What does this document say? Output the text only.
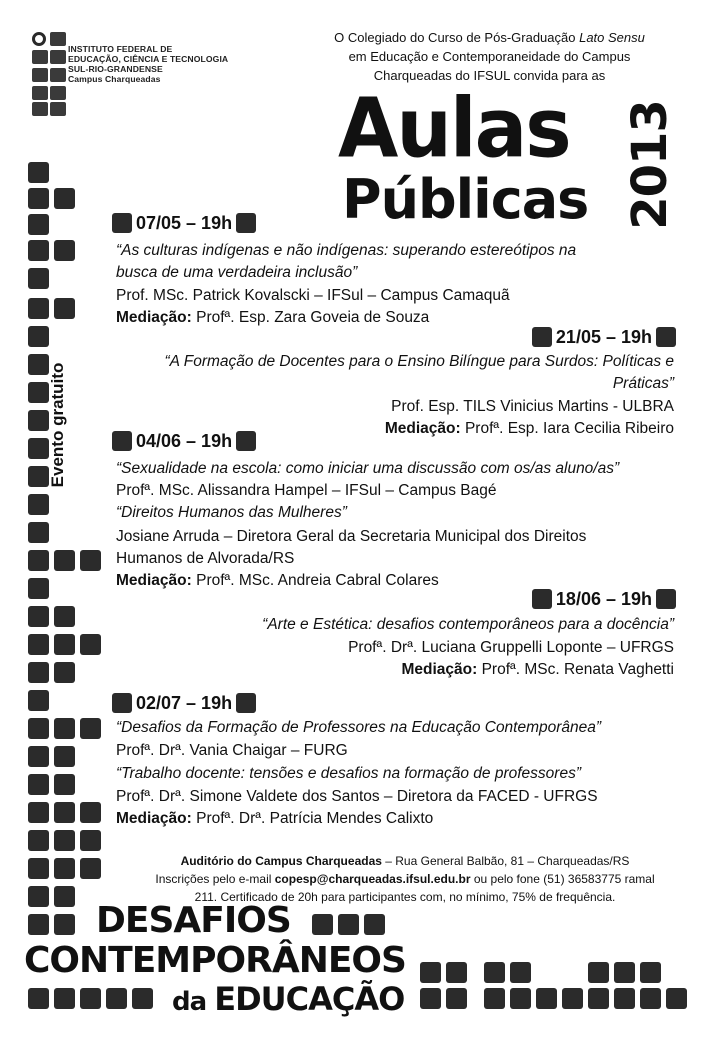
INSTITUTO FEDERAL DE
EDUCAÇÃO, CIÊNCIA E TECNOLOGIA
SUL-RIO-GRANDENSE
Campus Charqueadas
O Colegiado do Curso de Pós-Graduação Lato Sensu
em Educação e Contemporaneidade do Campus
Charqueadas do IFSUL convida para as
Aulas
Públicas 2013
Evento gratuito
07/05 – 19h
“As culturas indígenas e não indígenas: superando estereótipos na
busca de uma verdadeira inclusão”
Prof. MSc. Patrick Kovalscki – IFSul – Campus Camaquã
Mediação: Profª. Esp. Zara Goveia de Souza
21/05 – 19h
“A Formação de Docentes para o Ensino Bilíngue para Surdos: Políticas e
Práticas”
Prof. Esp. TILS Vinicius Martins - ULBRA
Mediação: Profª. Esp. Iara Cecilia Ribeiro
04/06 – 19h
“Sexualidade na escola: como iniciar uma discussão com os/as aluno/as”
Profª. MSc. Alissandra Hampel – IFSul – Campus Bagé
“Direitos Humanos das Mulheres”
Josiane Arruda – Diretora Geral da Secretaria Municipal dos Direitos
Humanos de Alvorada/RS
Mediação: Profª. MSc. Andreia Cabral Colares
18/06 – 19h
“Arte e Estética: desafios contemporâneos para a docência”
Profª. Drª. Luciana Gruppelli Loponte – UFRGS
Mediação: Profª. MSc. Renata Vaghetti
02/07 – 19h
“Desafios da Formação de Professores na Educação Contemporânea”
Profª. Drª. Vania Chaigar – FURG
“Trabalho docente: tensões e desafios na formação de professores”
Profª. Drª. Simone Valdete dos Santos – Diretora da FACED - UFRGS
Mediação: Profª. Drª. Patrícia Mendes Calixto
Auditório do Campus Charqueadas – Rua General Balbão, 81 – Charqueadas/RS
Inscrições pelo e-mail copesp@charqueadas.ifsul.edu.br ou pelo fone (51) 36583775 ramal
211. Certificado de 20h para participantes com, no mínimo, 75% de frequência.
DESAFIOS
CONTEMPORÂNEOS
da EDUCAÇÃO
